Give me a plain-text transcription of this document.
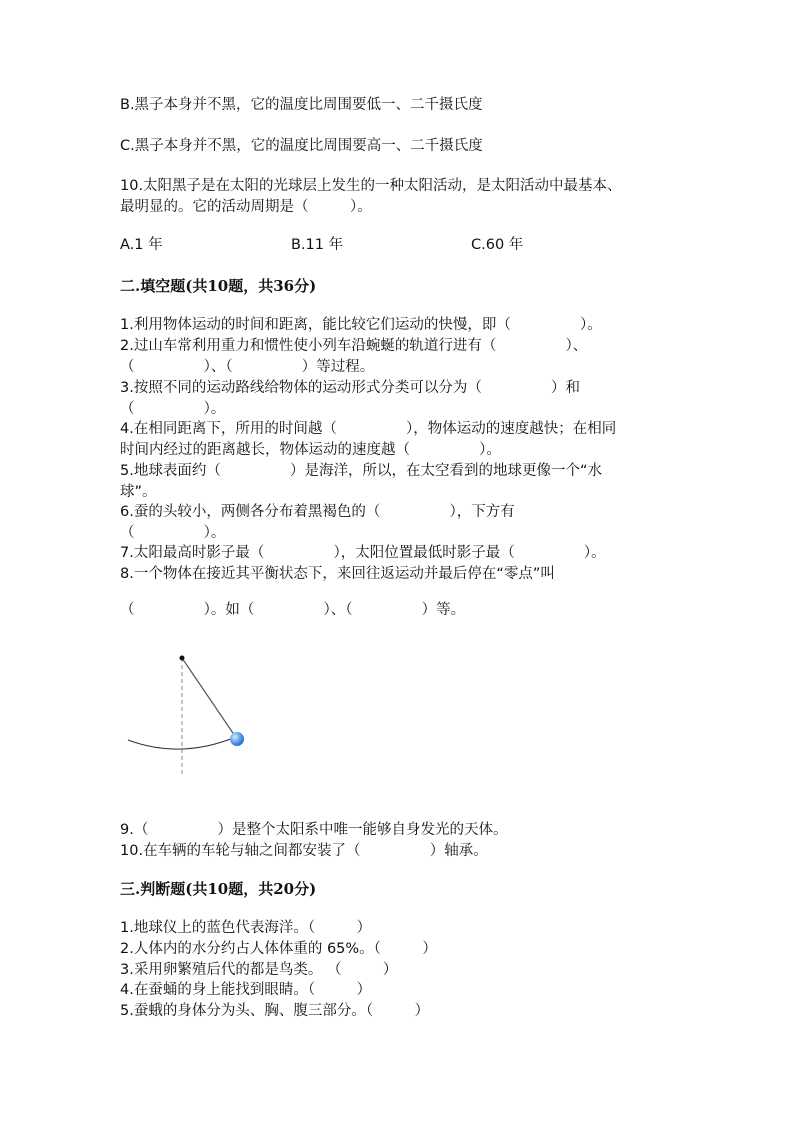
B.黑子本身并不黑，它的温度比周围要低一、二千摄氏度
C.黑子本身并不黑，它的温度比周围要高一、二千摄氏度
10.太阳黑子是在太阳的光球层上发生的一种太阳活动，是太阳活动中最基本、
最明显的。它的活动周期是（         ）。
A.1 年	B.11 年	C.60 年
二.填空题(共10题，共36分)
1.利用物体运动的时间和距离，能比较它们运动的快慢，即（               ）。
2.过山车常利用重力和惯性使小列车沿蜿蜒的轨道行进有（               ）、
（               ）、（               ）等过程。
3.按照不同的运动路线给物体的运动形式分类可以分为（               ）和
（               ）。
4.在相同距离下，所用的时间越（               ），物体运动的速度越快；在相同
时间内经过的距离越长，物体运动的速度越（               ）。
5.地球表面约（               ）是海洋，所以，在太空看到的地球更像一个“水
球”。
6.蚕的头较小，两侧各分布着黑褐色的（               ），下方有
（               ）。
7.太阳最高时影子最（               ），太阳位置最低时影子最（               ）。
8.一个物体在接近其平衡状态下，来回往返运动并最后停在“零点”叫
（               ）。如（               ）、（               ）等。
9.（               ）是整个太阳系中唯一能够自身发光的天体。
10.在车辆的车轮与轴之间都安装了（               ）轴承。
三.判断题(共10题，共20分)
1.地球仪上的蓝色代表海洋。（         ）
2.人体内的水分约占人体体重的 65%。（         ）
3.采用卵繁殖后代的都是鸟类。 （         ）
4.在蚕蛹的身上能找到眼睛。（         ）
5.蚕蛾的身体分为头、胸、腹三部分。（         ）
